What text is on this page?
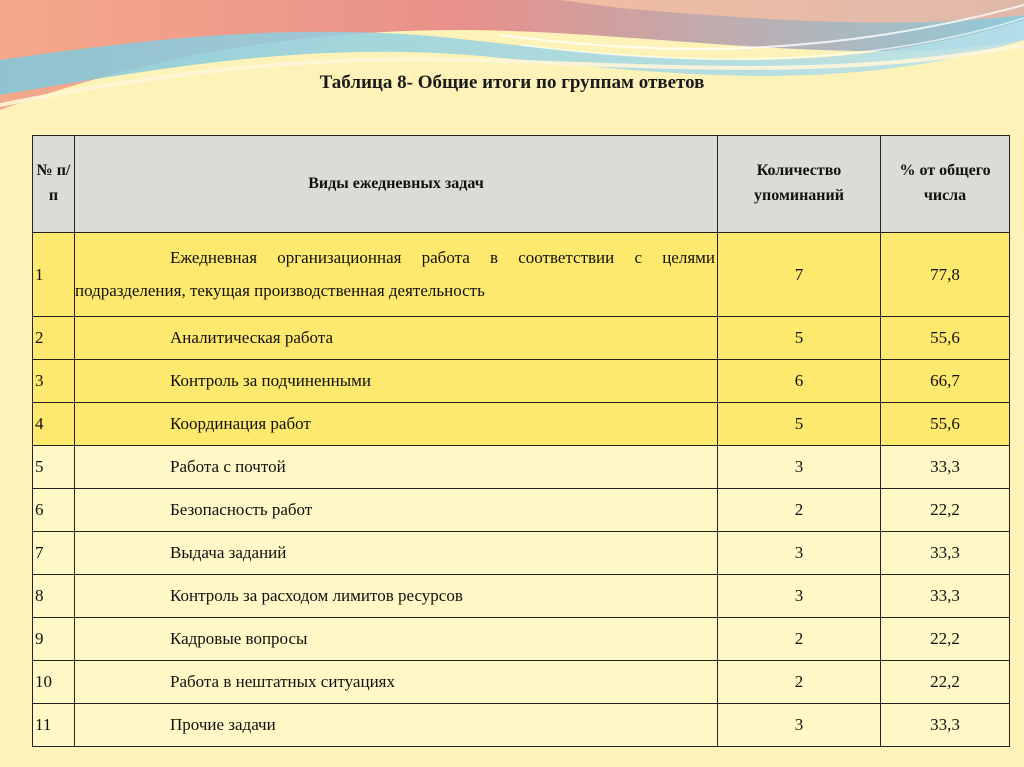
Таблица 8- Общие итоги по группам ответов
№ п/п	Виды ежедневных задач	Количество упоминаний	% от общего числа
1	Ежедневная организационная работа в соответствии с целями подразделения, текущая производственная деятельность	7	77,8
2	Аналитическая работа	5	55,6
3	Контроль за подчиненными	6	66,7
4	Координация работ	5	55,6
5	Работа с почтой	3	33,3
6	Безопасность работ	2	22,2
7	Выдача заданий	3	33,3
8	Контроль за расходом лимитов ресурсов	3	33,3
9	Кадровые вопросы	2	22,2
10	Работа в нештатных ситуациях	2	22,2
11	Прочие задачи	3	33,3
